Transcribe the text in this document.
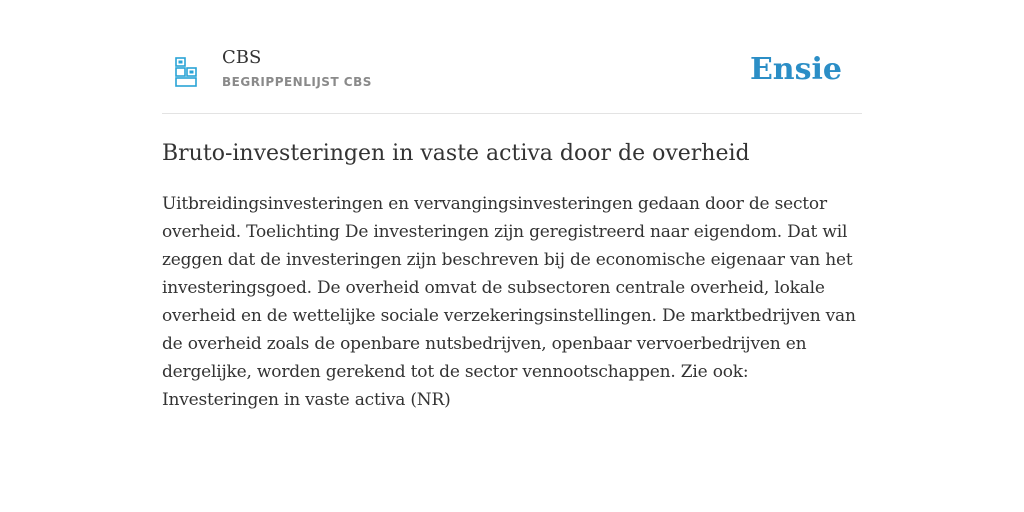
CBS
BEGRIPPENLIJST CBS	Ensie
Bruto-investeringen in vaste activa door de overheid

Uitbreidingsinvesteringen en vervangingsinvesteringen gedaan door de sector overheid. Toelichting De investeringen zijn geregistreerd naar eigendom. Dat wil zeggen dat de investeringen zijn beschreven bij de economische eigenaar van het investeringsgoed. De overheid omvat de subsectoren centrale overheid, lokale overheid en de wettelijke sociale verzekeringsinstellingen. De marktbedrijven van de overheid zoals de openbare nutsbedrijven, openbaar vervoerbedrijven en dergelijke, worden gerekend tot de sector vennootschappen. Zie ook: Investeringen in vaste activa (NR)
